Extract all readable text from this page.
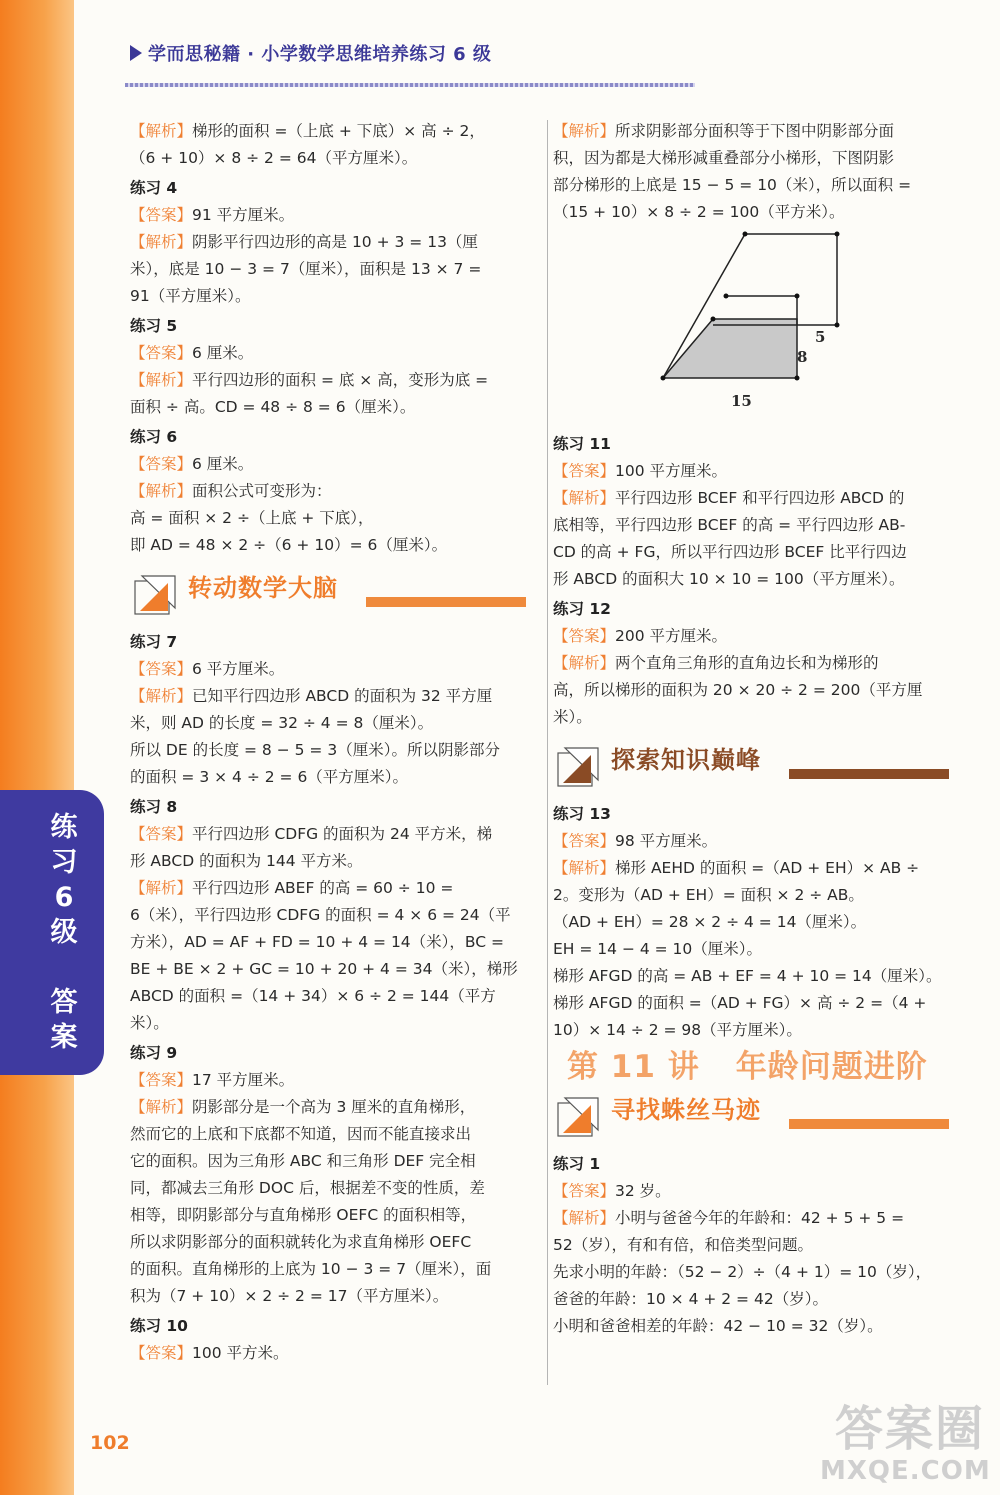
练
习
6
级
答
案
学而思秘籍 · 小学数学思维培养练习 6 级

【解析】梯形的面积 =（上底 + 下底）× 高 ÷ 2，

（6 + 10）× 8 ÷ 2 = 64（平方厘米）。

练习 4

【答案】91 平方厘米。

【解析】阴影平行四边形的高是 10 + 3 = 13（厘

米），底是 10 − 3 = 7（厘米），面积是 13 × 7 =

91（平方厘米）。

练习 5

【答案】6 厘米。

【解析】平行四边形的面积 = 底 × 高，变形为底 =

面积 ÷ 高。CD = 48 ÷ 8 = 6（厘米）。

练习 6

【答案】6 厘米。

【解析】面积公式可变形为：

高 = 面积 × 2 ÷（上底 + 下底），

即 AD = 48 × 2 ÷（6 + 10）= 6（厘米）。

转动数学大脑

练习 7

【答案】6 平方厘米。

【解析】已知平行四边形 ABCD 的面积为 32 平方厘

米，则 AD 的长度 = 32 ÷ 4 = 8（厘米）。

所以 DE 的长度 = 8 − 5 = 3（厘米）。所以阴影部分

的面积 = 3 × 4 ÷ 2 = 6（平方厘米）。

练习 8

【答案】平行四边形 CDFG 的面积为 24 平方米，梯

形 ABCD 的面积为 144 平方米。

【解析】平行四边形 ABEF 的高 = 60 ÷ 10 =

6（米），平行四边形 CDFG 的面积 = 4 × 6 = 24（平

方米），AD = AF + FD = 10 + 4 = 14（米），BC =

BE + BE × 2 + GC = 10 + 20 + 4 = 34（米），梯形

ABCD 的面积 =（14 + 34）× 6 ÷ 2 = 144（平方

米）。

练习 9

【答案】17 平方厘米。

【解析】阴影部分是一个高为 3 厘米的直角梯形，

然而它的上底和下底都不知道，因而不能直接求出

它的面积。因为三角形 ABC 和三角形 DEF 完全相

同，都减去三角形 DOC 后，根据差不变的性质，差

相等，即阴影部分与直角梯形 OEFC 的面积相等，

所以求阴影部分的面积就转化为求直角梯形 OEFC

的面积。直角梯形的上底为 10 − 3 = 7（厘米），面

积为（7 + 10）× 2 ÷ 2 = 17（平方厘米）。

练习 10

【答案】100 平方米。

【解析】所求阴影部分面积等于下图中阴影部分面

积，因为都是大梯形减重叠部分小梯形，下图阴影

部分梯形的上底是 15 − 5 = 10（米），所以面积 =

（15 + 10）× 8 ÷ 2 = 100（平方米）。

5
8
15

练习 11

【答案】100 平方厘米。

【解析】平行四边形 BCEF 和平行四边形 ABCD 的

底相等，平行四边形 BCEF 的高 = 平行四边形 AB-

CD 的高 + FG，所以平行四边形 BCEF 比平行四边

形 ABCD 的面积大 10 × 10 = 100（平方厘米）。

练习 12

【答案】200 平方厘米。

【解析】两个直角三角形的直角边长和为梯形的

高，所以梯形的面积为 20 × 20 ÷ 2 = 200（平方厘

米）。

探索知识巅峰

练习 13

【答案】98 平方厘米。

【解析】梯形 AEHD 的面积 =（AD + EH）× AB ÷

2。变形为（AD + EH）= 面积 × 2 ÷ AB。

（AD + EH）= 28 × 2 ÷ 4 = 14（厘米）。

EH = 14 − 4 = 10（厘米）。

梯形 AFGD 的高 = AB + EF = 4 + 10 = 14（厘米）。

梯形 AFGD 的面积 =（AD + FG）× 高 ÷ 2 =（4 +

10）× 14 ÷ 2 = 98（平方厘米）。

第 11 讲 年龄问题进阶
寻找蛛丝马迹

练习 1

【答案】32 岁。

【解析】小明与爸爸今年的年龄和：42 + 5 + 5 =

52（岁），有和有倍，和倍类型问题。

先求小明的年龄：（52 − 2）÷（4 + 1）= 10（岁），

爸爸的年龄：10 × 4 + 2 = 42（岁）。

小明和爸爸相差的年龄：42 − 10 = 32（岁）。

102	答案圈
MXQE.COM
